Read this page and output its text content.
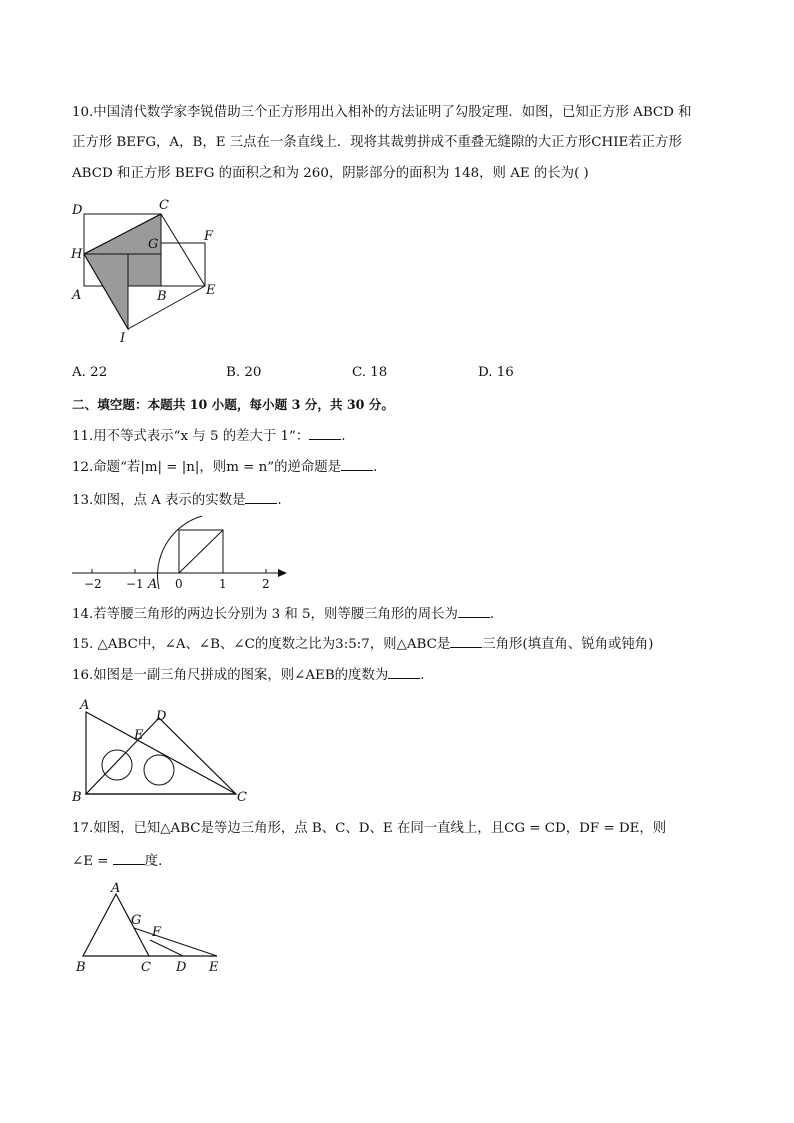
10.中国清代数学家李锐借助三个正方形用出入相补的方法证明了勾股定理．如图，已知正方形 ABCD 和
正方形 BEFG，A，B，E 三点在一条直线上．现将其裁剪拼成不重叠无缝隙的大正方形CHIE若正方形
ABCD 和正方形 BEFG 的面积之和为 260，阴影部分的面积为 148，则 AE 的长为( )
D	C
G
F
H
A	B	E
I
A. 22	B. 20	C. 18	D. 16
二、填空题：本题共 10 小题，每小题 3 分，共 30 分。
11.用不等式表示“x 与 5 的差大于 1”： .
12.命题“若|m| = |n|，则m = n”的逆命题是 .
13.如图，点 A 表示的实数是 .
−2 −1 A 0	1	2
14.若等腰三角形的两边长分别为 3 和 5，则等腰三角形的周长为 .
15. △ABC中，∠A、∠B、∠C的度数之比为3:5:7，则△ABC是 三角形(填直角、锐角或钝角)
16.如图是一副三角尺拼成的图案，则∠AEB的度数为 .
A
D
E
B	C
17.如图，已知△ABC是等边三角形，点 B、C、D、E 在同一直线上，且CG = CD，DF = DE，则
∠E = 度．
A
G
F
B	C D E
